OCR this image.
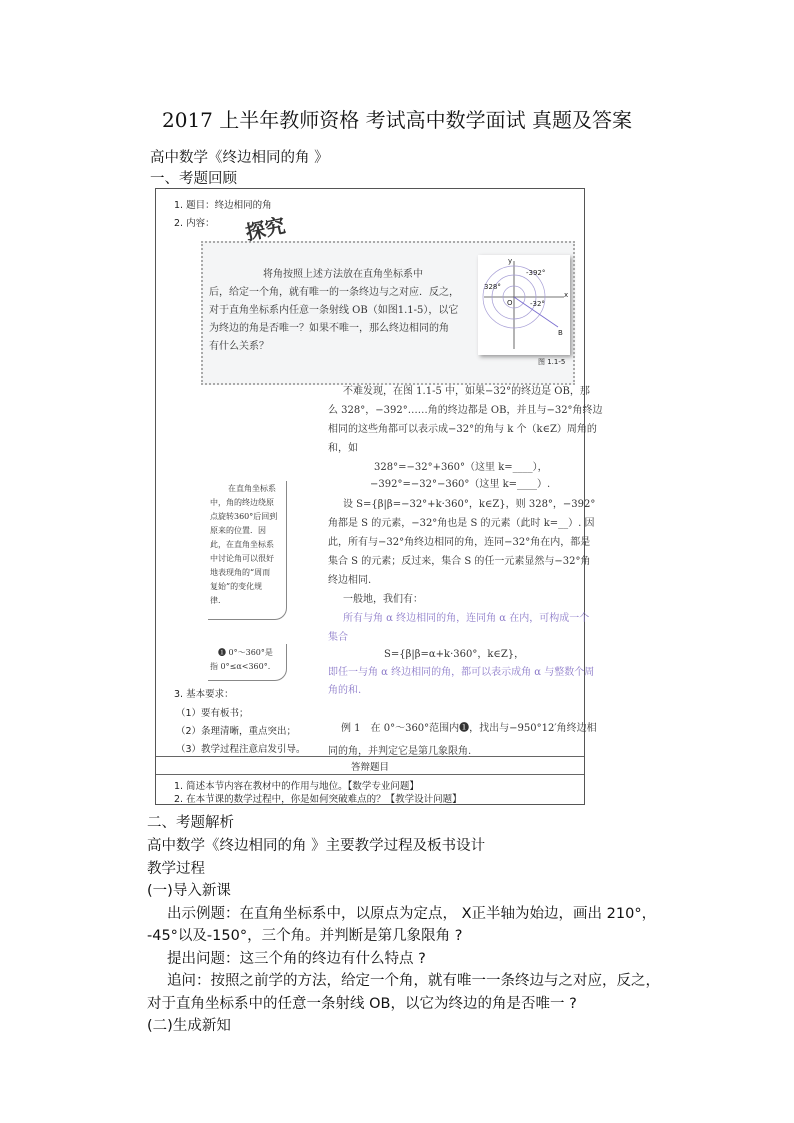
2017 上半年教师资格 考试高中数学面试 真题及答案
高中数学《终边相同的角 》
一、考题回顾
1. 题目：终边相同的角
2. 内容： 探究
将角按照上述方法放在直角坐标系中
后，给定一个角，就有唯一的一条终边与之对应．反之，
对于直角坐标系内任意一条射线 OB（如图1.1-5），以它
为终边的角是否唯一？如果不唯一，那么终边相同的角
有什么关系？
y
x
-392°
328°
-32°
O
B
图 1.1-5
不难发现，在图 1.1-5 中，如果−32°的终边是 OB，那
么 328°，−392°……角的终边都是 OB，并且与−32°角终边
相同的这些角都可以表示成−32°的角与 k 个（k∈Z）周角的
和，如
328°=−32°+360°（这里 k=____），
−392°=−32°−360°（这里 k=____）.
设 S={β|β=−32°+k·360°，k∈Z}，则 328°，−392°
角都是 S 的元素，−32°角也是 S 的元素（此时 k=__）. 因
此，所有与−32°角终边相同的角，连同−32°角在内，都是
集合 S 的元素；反过来，集合 S 的任一元素显然与−32°角
终边相同.
一般地，我们有：
所有与角 α 终边相同的角，连同角 α 在内，可构成一个
集合
S={β|β=α+k·360°，k∈Z}，
即任一与角 α 终边相同的角，都可以表示成角 α 与整数个周
角的和.
例 1　在 0°～360°范围内❶，找出与−950°12′角终边相
同的角，并判定它是第几象限角.
在直角坐标系
中，角的终边绕原
点旋转360°后回到
原来的位置．因
此，在直角坐标系
中讨论角可以很好
地表现角的“周而
复始”的变化规
律.
❶ 0°～360°是
指 0°≤α<360°.
3. 基本要求：
（1）要有板书；
（2）条理清晰，重点突出；
（3）教学过程注意启发引导。
答辩题目
1. 简述本节内容在教材中的作用与地位。【数学专业问题】
2. 在本节课的数学过程中，你是如何突破难点的？【教学设计问题】
二、考题解析
高中数学《终边相同的角 》主要教学过程及板书设计
教学过程
(一)导入新课
出示例题：在直角坐标系中，以原点为定点， X正半轴为始边，画出 210°，
-45°以及-150°，三个角。并判断是第几象限角 ?
提出问题：这三个角的终边有什么特点 ?
追问：按照之前学的方法，给定一个角，就有唯一一条终边与之对应，反之，
对于直角坐标系中的任意一条射线 OB，以它为终边的角是否唯一 ?
(二)生成新知
